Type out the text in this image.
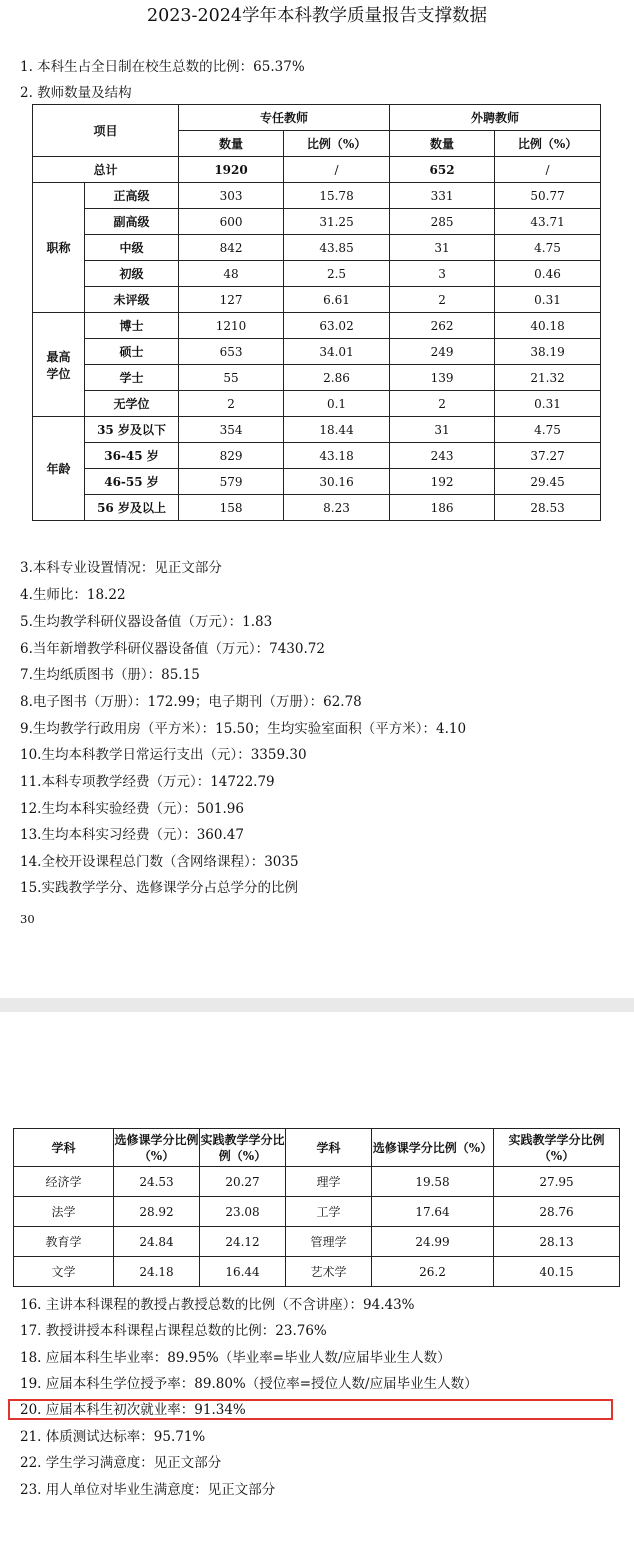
2023-2024学年本科教学质量报告支撑数据
1. 本科生占全日制在校生总数的比例：65.37%
2. 教师数量及结构
项目		专任教师		外聘教师	
		数量	比例（%）	数量	比例（%）
总计		1920	/	652	/
职称	正高级	303	15.78	331	50.77
	副高级	600	31.25	285	43.71
	中级	842	43.85	31	4.75
	初级	48	2.5	3	0.46
	未评级	127	6.61	2	0.31
最高
学位	博士	1210	63.02	262	40.18
	硕士	653	34.01	249	38.19
	学士	55	2.86	139	21.32
	无学位	2	0.1	2	0.31
年龄	35 岁及以下	354	18.44	31	4.75
	36-45 岁	829	43.18	243	37.27
	46-55 岁	579	30.16	192	29.45
	56 岁及以上	158	8.23	186	28.53
3.本科专业设置情况：见正文部分
4.生师比：18.22
5.生均教学科研仪器设备值（万元）：1.83
6.当年新增教学科研仪器设备值（万元）：7430.72
7.生均纸质图书（册）：85.15
8.电子图书（万册）：172.99；电子期刊（万册）：62.78
9.生均教学行政用房（平方米）：15.50；生均实验室面积（平方米）：4.10
10.生均本科教学日常运行支出（元）：3359.30
11.本科专项教学经费（万元）：14722.79
12.生均本科实验经费（元）：501.96
13.生均本科实习经费（元）：360.47
14.全校开设课程总门数（含网络课程）：3035
15.实践教学学分、选修课学分占总学分的比例
30
学科	选修课学分比例（%）	实践教学学分比例（%）	学科	选修课学分比例（%）	实践教学学分比例（%）
经济学	24.53	20.27	理学	19.58	27.95
法学	28.92	23.08	工学	17.64	28.76
教育学	24.84	24.12	管理学	24.99	28.13
文学	24.18	16.44	艺术学	26.2	40.15
16. 主讲本科课程的教授占教授总数的比例（不含讲座）：94.43%
17. 教授讲授本科课程占课程总数的比例：23.76%
18. 应届本科生毕业率：89.95%（毕业率=毕业人数/应届毕业生人数）
19. 应届本科生学位授予率：89.80%（授位率=授位人数/应届毕业生人数）
20. 应届本科生初次就业率：91.34%
21. 体质测试达标率：95.71%
22. 学生学习满意度：见正文部分
23. 用人单位对毕业生满意度：见正文部分
